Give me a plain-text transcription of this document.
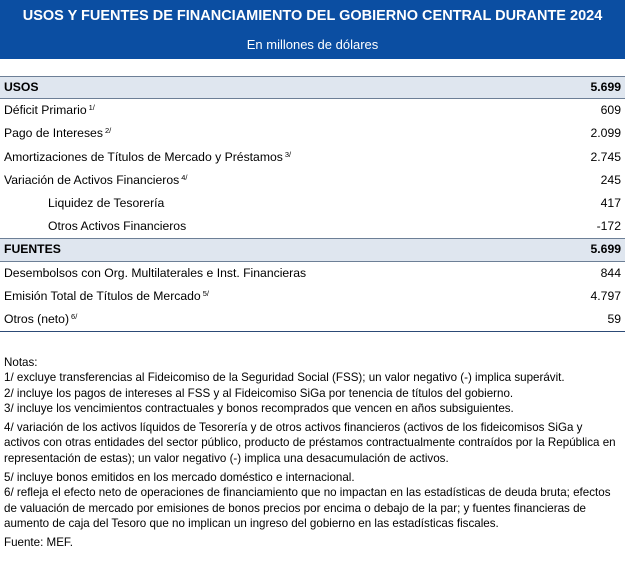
USOS Y FUENTES DE FINANCIAMIENTO DEL GOBIERNO CENTRAL DURANTE 2024
En millones de dólares
USOS	5.699
Déficit Primario $^{1/}$	609
Pago de Intereses $^{2/}$	2.099
Amortizaciones de Títulos de Mercado y Préstamos $^{3/}$	2.745
Variación de Activos Financieros $^{4/}$	245
Liquidez de Tesorería	417
Otros Activos Financieros	-172
FUENTES	5.699
Desembolsos con Org. Multilaterales e Inst. Financieras	844
Emisión Total de Títulos de Mercado $^{5/}$	4.797
Otros (neto) $^{6/}$	59

Notas:

1/ excluye transferencias al Fideicomiso de la Seguridad Social (FSS); un valor negativo (-) implica superávit.

2/ incluye los pagos de intereses al FSS y al Fideicomiso SiGa por tenencia de títulos del gobierno.

3/ incluye los vencimientos contractuales y bonos recomprados que vencen en años subsiguientes.

4/ variación de los activos líquidos de Tesorería y de otros activos financieros (activos de los fideicomisos SiGa y activos con otras entidades del sector público, producto de préstamos contractualmente contraídos por la República en representación de estas); un valor negativo (-) implica una desacumulación de activos.

5/ incluye bonos emitidos en los mercado doméstico e internacional.

6/ refleja el efecto neto de operaciones de financiamiento que no impactan en las estadísticas de deuda bruta; efectos de valuación de mercado por emisiones de bonos precios por encima o debajo de la par; y fuentes financieras de aumento de caja del Tesoro que no implican un ingreso del gobierno en las estadísticas fiscales.

Fuente: MEF.
